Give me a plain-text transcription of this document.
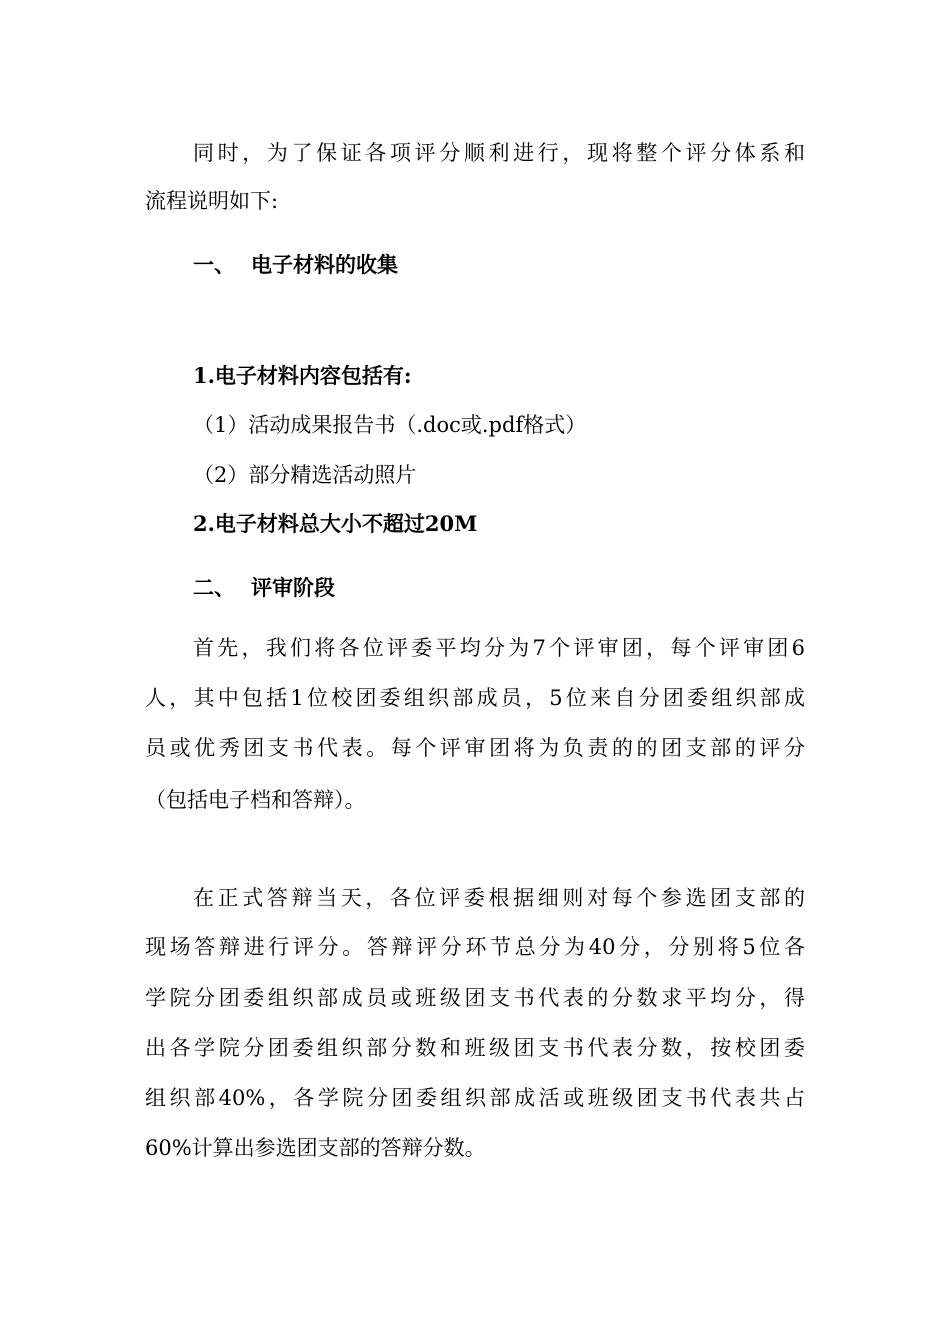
同时，为了保证各项评分顺利进行，现将整个评分体系和
流程说明如下:
一、 电子材料的收集
1.电子材料内容包括有:
（1）活动成果报告书（.doc或.pdf格式）
（2）部分精选活动照片
2.电子材料总大小不超过20M
二、 评审阶段
首先，我们将各位评委平均分为7个评审团，每个评审团6
人，其中包括1位校团委组织部成员，5位来自分团委组织部成
员或优秀团支书代表。每个评审团将为负责的的团支部的评分
（包括电子档和答辩）。
在正式答辩当天，各位评委根据细则对每个参选团支部的
现场答辩进行评分。答辩评分环节总分为40分，分别将5位各
学院分团委组织部成员或班级团支书代表的分数求平均分，得
出各学院分团委组织部分数和班级团支书代表分数，按校团委
组织部40%，各学院分团委组织部成活或班级团支书代表共占
60%计算出参选团支部的答辩分数。
